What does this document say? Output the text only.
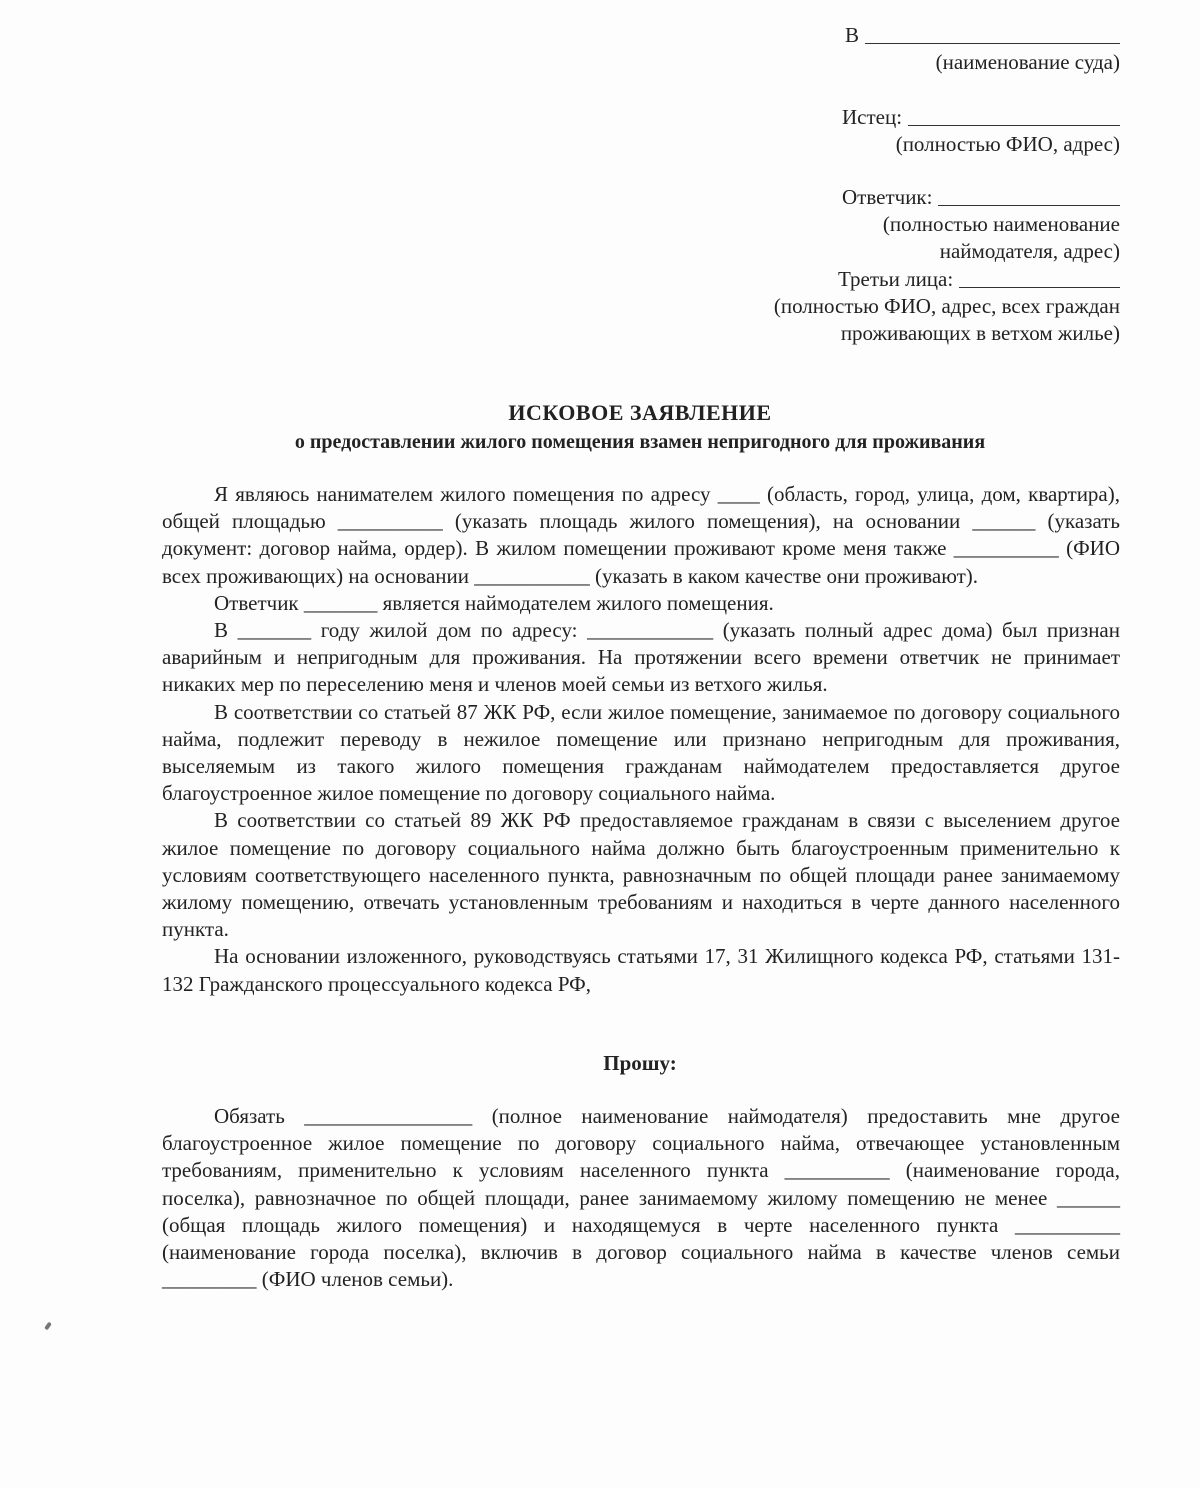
В
(наименование суда)
Истец:
(полностью ФИО, адрес)
Ответчик:
(полностью наименование
наймодателя, адрес)
Третьи лица:
(полностью ФИО, адрес, всех граждан
проживающих в ветхом жилье)
ИСКОВОЕ ЗАЯВЛЕНИЕ
о предоставлении жилого помещения взамен непригодного для проживания

Я являюсь нанимателем жилого помещения по адресу ____ (область, город, улица, дом, квартира), общей площадью __________ (указать площадь жилого помещения), на основании ______ (указать документ: договор найма, ордер). В жилом помещении проживают кроме меня также __________ (ФИО всех проживающих) на основании ___________ (указать в каком качестве они проживают).

Ответчик _______ является наймодателем жилого помещения.

В _______ году жилой дом по адресу: ____________ (указать полный адрес дома) был признан аварийным и непригодным для проживания. На протяжении всего времени ответчик не принимает никаких мер по переселению меня и членов моей семьи из ветхого жилья.

В соответствии со статьей 87 ЖК РФ, если жилое помещение, занимаемое по договору социального найма, подлежит переводу в нежилое помещение или признано непригодным для проживания, выселяемым из такого жилого помещения гражданам наймодателем предоставляется другое благоустроенное жилое помещение по договору социального найма.

В соответствии со статьей 89 ЖК РФ предоставляемое гражданам в связи с выселением другое жилое помещение по договору социального найма должно быть благоустроенным применительно к условиям соответствующего населенного пункта, равнозначным по общей площади ранее занимаемому жилому помещению, отвечать установленным требованиям и находиться в черте данного населенного пункта.

На основании изложенного, руководствуясь статьями 17, 31 Жилищного кодекса РФ, статьями 131-132 Гражданского процессуального кодекса РФ,

Прошу:

Обязать ________________ (полное наименование наймодателя) предоставить мне другое благоустроенное жилое помещение по договору социального найма, отвечающее установленным требованиям, применительно к условиям населенного пункта __________ (наименование города, поселка), равнозначное по общей площади, ранее занимаемому жилому помещению не менее ______ (общая площадь жилого помещения) и находящемуся в черте населенного пункта __________ (наименование города поселка), включив в договор социального найма в качестве членов семьи _________ (ФИО членов семьи).
